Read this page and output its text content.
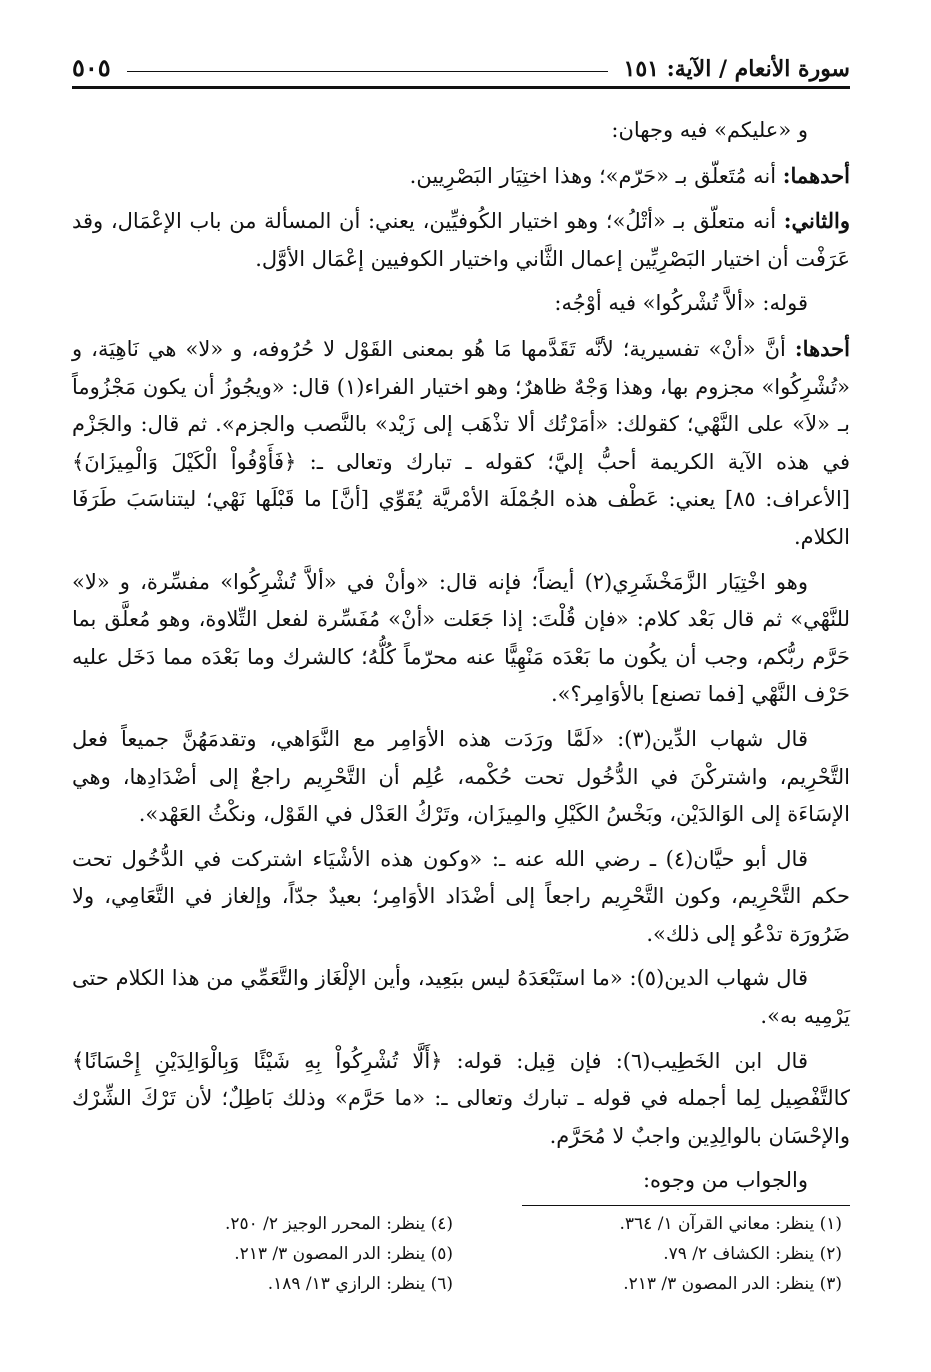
سورة الأنعام / الآية: ١٥١
٥٠٥

و «عليكم» فيه وجهان:

أحدهما: أنه مُتَعلّق بـ «حَرّم»؛ وهذا اختِيَار البَصْرِيين.

والثاني: أنه متعلّق بـ «أتْلُ»؛ وهو اختيار الكُوفيِّين، يعني: أن المسألة من باب الإعْمَال، وقد عَرَفْت أن اختيار البَصْرِيِّين إعمال الثَّاني واختيار الكوفيين إعْمَال الأوَّل.

قوله: «ألاَّ تُشْركُوا» فيه أوْجُه:

أحدها: أنَّ «أنْ» تفسيرية؛ لأنَّه تَقَدَّمها مَا هُو بمعنى القَوْل لا حُرُوفه، و «لا» هي نَاهِيَة، و «تُشْرِكُوا» مجزوم بها، وهذا وَجْهٌ ظاهرٌ؛ وهو اختيار الفراء(١) قال: «ويجُوزُ أن يكون مَجْزُوماً بـ «لاَ» على النَّهْي؛ كقولك: «أمَرْتُك ألا تذْهَب إلى زَيْد» بالنَّصب والجزم». ثم قال: والجَزْم في هذه الآية الكريمة أحبُّ إليَّ؛ كقوله ـ تبارك وتعالى ـ: ﴿فَأَوْفُواْ الْكَيْلَ وَالْمِيزَانَ﴾ [الأعراف: ٨٥] يعني: عَطْف هذه الجُمْلَة الأمْريَّة يُقَوِّي [أنَّ] ما قَبْلَها نَهْي؛ ليتناسَبَ طَرَفَا الكلام.

وهو اخْتِيَار الزَّمَخْشَرِي(٢) أيضاً؛ فإنه قال: «وأنْ في «ألاَّ تُشْرِكُوا» مفسِّرة، و «لا» للنَّهْي» ثم قال بَعْد كلام: «فإن قُلْتَ: إذا جَعَلت «أنْ» مُفَسِّرة لفعل التِّلاوة، وهو مُعلَّق بما حَرَّم ربُّكم، وجب أن يكُون ما بَعْدَه مَنْهِيًّا عنه محرّماً كُلُّهُ؛ كالشرك وما بَعْدَه مما دَخَل عليه حَرْف النَّهْي [فما تصنع] بالأوَامِر؟».

قال شهاب الدِّين(٣): «لَمَّا ورَدَت هذه الأوَامِر مع النَّوَاهي، وتقدمَهُنَّ جميعاً فعل التَّحْرِيم، واشتركْنَ في الدُّخُول تحت حُكْمه، عُلِم أن التَّحْرِيم راجعٌ إلى أضْدَادِها، وهي الإسَاءَة إلى الوَالدَيْن، وبَخْسُ الكَيْلِ والمِيزَان، وتَرْكُ العَدْل في القَوْل، ونكْثُ العَهْد».

قال أبو حيَّان(٤) ـ رضي الله عنه ـ: «وكون هذه الأشْيَاء اشتركت في الدُّخُول تحت حكم التَّحْرِيم، وكون التَّحْرِيم راجعاً إلى أضْدَاد الأوَامِر؛ بعيدٌ جدّاً، وإلغاز في التَّعَامِي، ولا ضَرُورَة تدْعُو إلى ذلك».

قال شهاب الدين(٥): «ما استَبْعَدَهُ ليس ببَعِيد، وأين الإلْغَاز والتَّعَمِّي من هذا الكلام حتى يَرْمِيه به».

قال ابن الخَطِيب(٦): فإن قِيل: قوله: ﴿أَلَّا تُشْرِكُواْ بِهِ شَيْئًا وَبِالْوَالِدَيْنِ إِحْسَانًا﴾ كالتَّفْصِيل لِما أجمله في قوله ـ تبارك وتعالى ـ: «ما حَرَّم» وذلك بَاطِلٌ؛ لأن تَرْكَ الشِّرْك والإحْسَان بالوالِدِين واجبٌ لا مُحَرَّم.

والجواب من وجوه:

(١) ينظر: معاني القرآن ١/ ٣٦٤.
(٤) ينظر: المحرر الوجيز ٢/ ٢٥٠.
(٢) ينظر: الكشاف ٢/ ٧٩.
(٥) ينظر: الدر المصون ٣/ ٢١٣.
(٣) ينظر: الدر المصون ٣/ ٢١٣.
(٦) ينظر: الرازي ١٣/ ١٨٩.
